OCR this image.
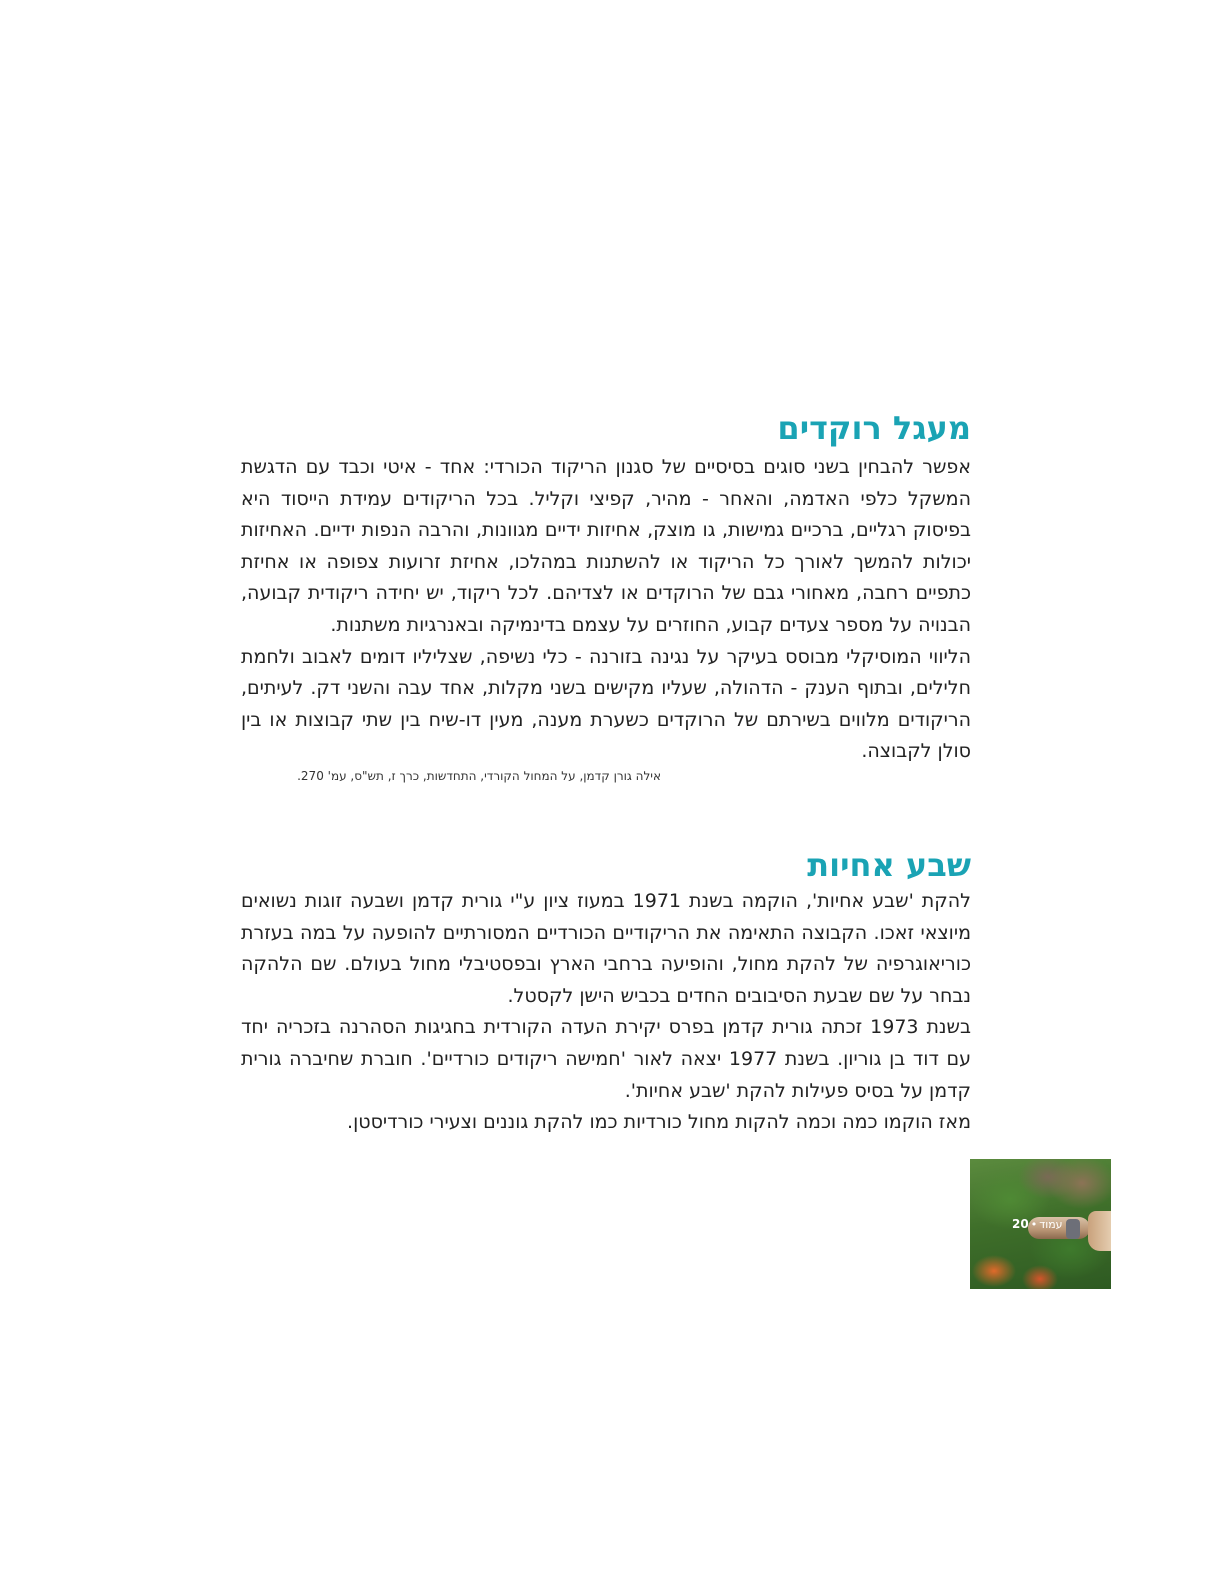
מעגל רוקדים

אפשר להבחין בשני סוגים בסיסיים של סגנון הריקוד הכורדי: אחד - איטי וכבד עם הדגשת המשקל כלפי האדמה, והאחר - מהיר, קפיצי וקליל. בכל הריקודים עמידת הייסוד היא בפיסוק רגליים, ברכיים גמישות, גו מוצק, אחיזות ידיים מגוונות, והרבה הנפות ידיים. האחיזות יכולות להמשך לאורך כל הריקוד או להשתנות במהלכו, אחיזת זרועות צפופה או אחיזת כתפיים רחבה, מאחורי גבם של הרוקדים או לצדיהם. לכל ריקוד, יש יחידה ריקודית קבועה, הבנויה על מספר צעדים קבוע, החוזרים על עצמם בדינמיקה ובאנרגיות משתנות.

הליווי המוסיקלי מבוסס בעיקר על נגינה בזורנה - כלי נשיפה, שצליליו דומים לאבוב ולחמת חלילים, ובתוף הענק - הדהולה, שעליו מקישים בשני מקלות, אחד עבה והשני דק. לעיתים, הריקודים מלווים בשירתם של הרוקדים כשערת מענה, מעין דו-שיח בין שתי קבוצות או בין סולן לקבוצה.

אילה גורן קדמן, על המחול הקורדי, התחדשות, כרך ז, תש"ס, עמ' 270.

שבע אחיות

להקת 'שבע אחיות', הוקמה בשנת 1971 במעוז ציון ע"י גורית קדמן ושבעה זוגות נשואים מיוצאי זאכו. הקבוצה התאימה את הריקודיים הכורדיים המסורתיים להופעה על במה בעזרת כוריאוגרפיה של להקת מחול, והופיעה ברחבי הארץ ובפסטיבלי מחול בעולם. שם הלהקה נבחר על שם שבעת הסיבובים החדים בכביש הישן לקסטל.

בשנת 1973 זכתה גורית קדמן בפרס יקירת העדה הקורדית בחגיגות הסהרנה בזכריה יחד עם דוד בן גוריון. בשנת 1977 יצאה לאור 'חמישה ריקודים כורדיים'. חוברת שחיברה גורית קדמן על בסיס פעילות להקת 'שבע אחיות'.

מאז הוקמו כמה וכמה להקות מחול כורדיות כמו להקת גוננים וצעירי כורדיסטן.

עמוד•20
